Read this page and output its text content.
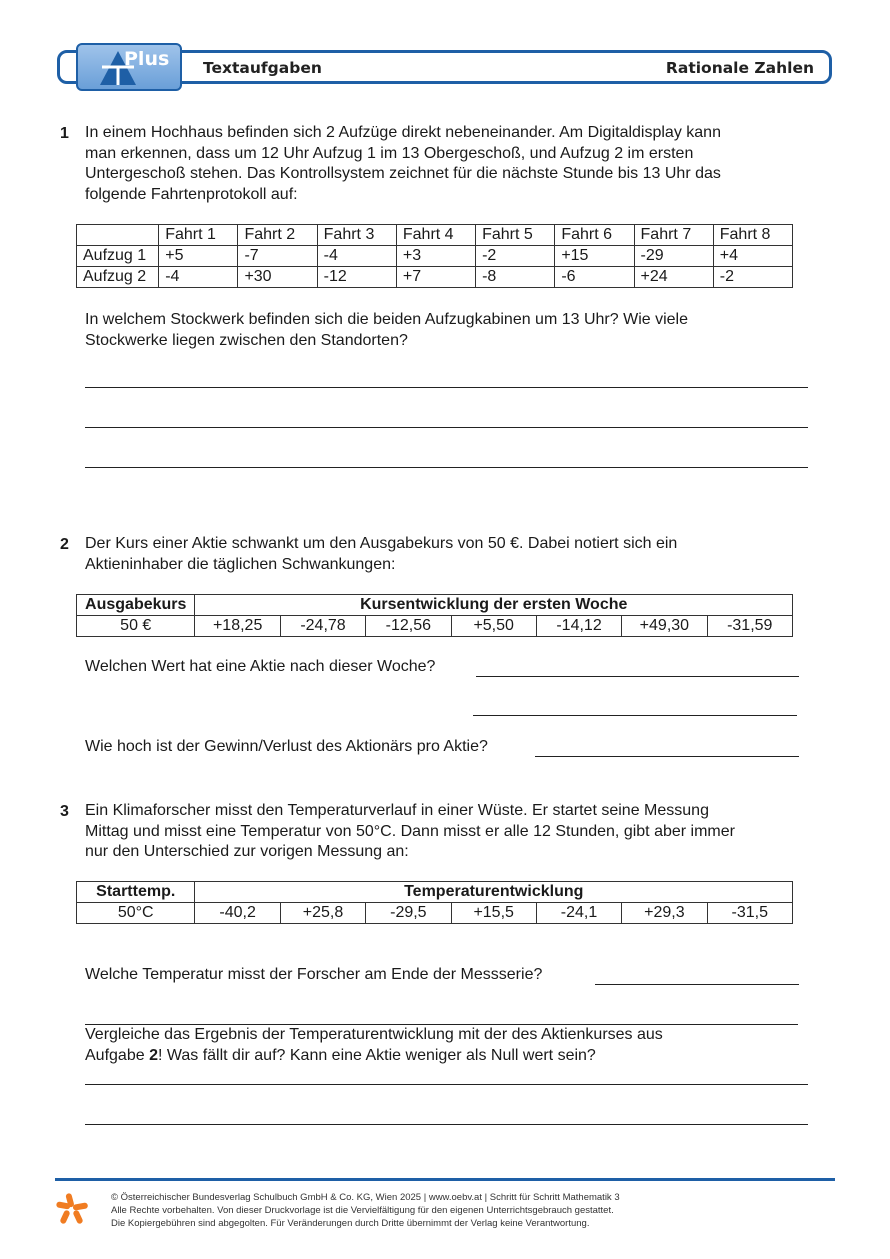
Plus Textaufgaben	Rationale Zahlen
1 In einem Hochhaus befinden sich 2 Aufzüge direkt nebeneinander. Am Digitaldisplay kann
man erkennen, dass um 12 Uhr Aufzug 1 im 13 Obergeschoß, und Aufzug 2 im ersten
Untergeschoß stehen. Das Kontrollsystem zeichnet für die nächste Stunde bis 13 Uhr das
folgende Fahrtenprotokoll auf:
	Fahrt 1	Fahrt 2	Fahrt 3	Fahrt 4	Fahrt 5	Fahrt 6	Fahrt 7	Fahrt 8
Aufzug 1	+5	-7	-4	+3	-2	+15	-29	+4
Aufzug 2	-4	+30	-12	+7	-8	-6	+24	-2
In welchem Stockwerk befinden sich die beiden Aufzugkabinen um 13 Uhr? Wie viele
Stockwerke liegen zwischen den Standorten?
2 Der Kurs einer Aktie schwankt um den Ausgabekurs von 50 €. Dabei notiert sich ein
Aktieninhaber die täglichen Schwankungen:
Ausgabekurs	Kursentwicklung der ersten Woche						
50 €	+18,25	-24,78	-12,56	+5,50	-14,12	+49,30	-31,59
Welchen Wert hat eine Aktie nach dieser Woche?
Wie hoch ist der Gewinn/Verlust des Aktionärs pro Aktie?
3 Ein Klimaforscher misst den Temperaturverlauf in einer Wüste. Er startet seine Messung
Mittag und misst eine Temperatur von 50°C. Dann misst er alle 12 Stunden, gibt aber immer
nur den Unterschied zur vorigen Messung an:
Starttemp.	Temperaturentwicklung						
50°C	-40,2	+25,8	-29,5	+15,5	-24,1	+29,3	-31,5
Welche Temperatur misst der Forscher am Ende der Messserie?
Vergleiche das Ergebnis der Temperaturentwicklung mit der des Aktienkurses aus
Aufgabe 2! Was fällt dir auf? Kann eine Aktie weniger als Null wert sein?
© Österreichischer Bundesverlag Schulbuch GmbH & Co. KG, Wien 2025 | www.oebv.at | Schritt für Schritt Mathematik 3
Alle Rechte vorbehalten. Von dieser Druckvorlage ist die Vervielfältigung für den eigenen Unterrichtsgebrauch gestattet.
Die Kopiergebühren sind abgegolten. Für Veränderungen durch Dritte übernimmt der Verlag keine Verantwortung.
